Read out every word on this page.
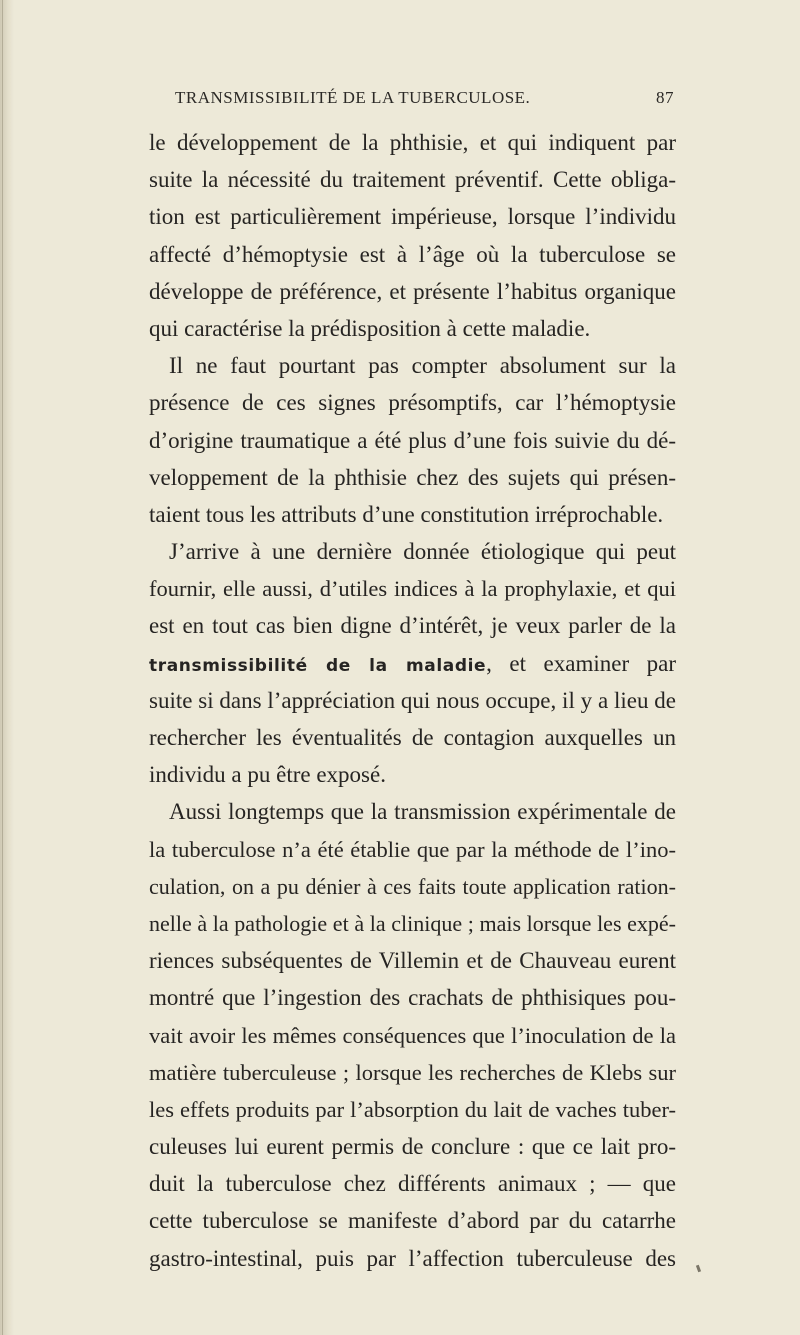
TRANSMISSIBILITÉ DE LA TUBERCULOSE.	87
le développement de la phthisie, et qui indiquent par
suite la nécessité du traitement préventif. Cette obliga-
tion est particulièrement impérieuse, lorsque l’individu
affecté d’hémoptysie est à l’âge où la tuberculose se
développe de préférence, et présente l’habitus organique
qui caractérise la prédisposition à cette maladie.
Il ne faut pourtant pas compter absolument sur la
présence de ces signes présomptifs, car l’hémoptysie
d’origine traumatique a été plus d’une fois suivie du dé-
veloppement de la phthisie chez des sujets qui présen-
taient tous les attributs d’une constitution irréprochable.
J’arrive à une dernière donnée étiologique qui peut
fournir, elle aussi, d’utiles indices à la prophylaxie, et qui
est en tout cas bien digne d’intérêt, je veux parler de la
transmissibilité de la maladie, et examiner par
suite si dans l’appréciation qui nous occupe, il y a lieu de
rechercher les éventualités de contagion auxquelles un
individu a pu être exposé.
Aussi longtemps que la transmission expérimentale de
la tuberculose n’a été établie que par la méthode de l’ino-
culation, on a pu dénier à ces faits toute application ration-
nelle à la pathologie et à la clinique ; mais lorsque les expé-
riences subséquentes de Villemin et de Chauveau eurent
montré que l’ingestion des crachats de phthisiques pou-
vait avoir les mêmes conséquences que l’inoculation de la
matière tuberculeuse ; lorsque les recherches de Klebs sur
les effets produits par l’absorption du lait de vaches tuber-
culeuses lui eurent permis de conclure : que ce lait pro-
duit la tuberculose chez différents animaux ; — que
cette tuberculose se manifeste d’abord par du catarrhe
gastro-intestinal, puis par l’affection tuberculeuse des
